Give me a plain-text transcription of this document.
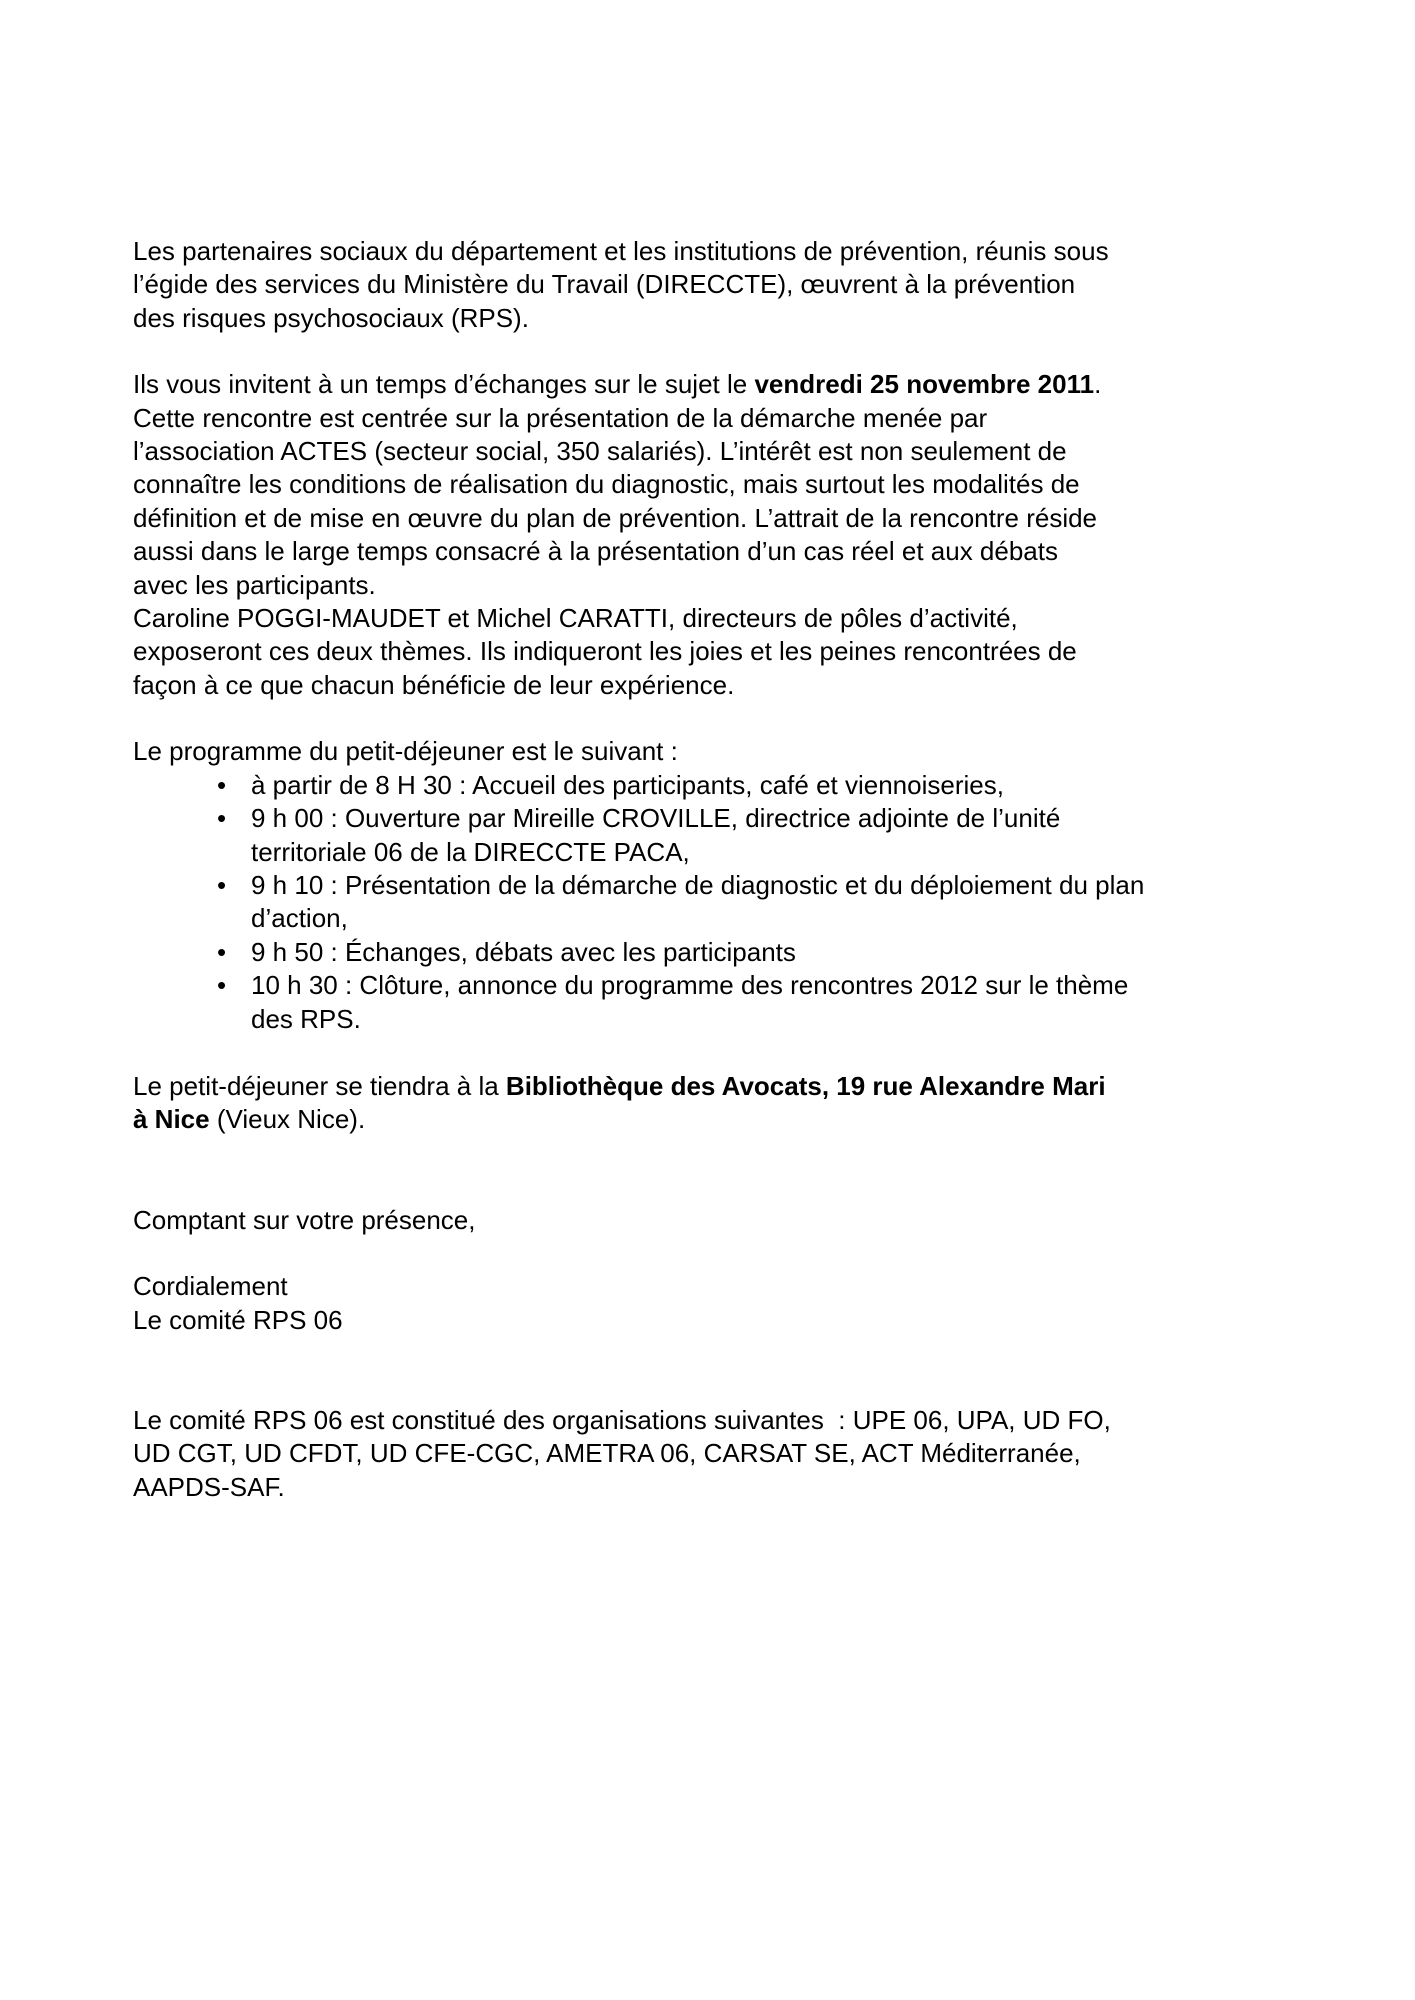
Les partenaires sociaux du département et les institutions de prévention, réunis sous
l’égide des services du Ministère du Travail (DIRECCTE), œuvrent à la prévention
des risques psychosociaux (RPS).
Ils vous invitent à un temps d’échanges sur le sujet le vendredi 25 novembre 2011.
Cette rencontre est centrée sur la présentation de la démarche menée par
l’association ACTES (secteur social, 350 salariés). L’intérêt est non seulement de
connaître les conditions de réalisation du diagnostic, mais surtout les modalités de
définition et de mise en œuvre du plan de prévention. L’attrait de la rencontre réside
aussi dans le large temps consacré à la présentation d’un cas réel et aux débats
avec les participants.
Caroline POGGI-MAUDET et Michel CARATTI, directeurs de pôles d’activité,
exposeront ces deux thèmes. Ils indiqueront les joies et les peines rencontrées de
façon à ce que chacun bénéficie de leur expérience.
Le programme du petit-déjeuner est le suivant :
• à partir de 8 H 30 : Accueil des participants, café et viennoiseries,
• 9 h 00 : Ouverture par Mireille CROVILLE, directrice adjointe de l’unité
territoriale 06 de la DIRECCTE PACA,
• 9 h 10 : Présentation de la démarche de diagnostic et du déploiement du plan
d’action,
• 9 h 50 : Échanges, débats avec les participants
• 10 h 30 : Clôture, annonce du programme des rencontres 2012 sur le thème
des RPS.
Le petit-déjeuner se tiendra à la Bibliothèque des Avocats, 19 rue Alexandre Mari
à Nice (Vieux Nice).
Comptant sur votre présence,
Cordialement
Le comité RPS 06
Le comité RPS 06 est constitué des organisations suivantes  : UPE 06, UPA, UD FO,
UD CGT, UD CFDT, UD CFE-CGC, AMETRA 06, CARSAT SE, ACT Méditerranée,
AAPDS-SAF.
